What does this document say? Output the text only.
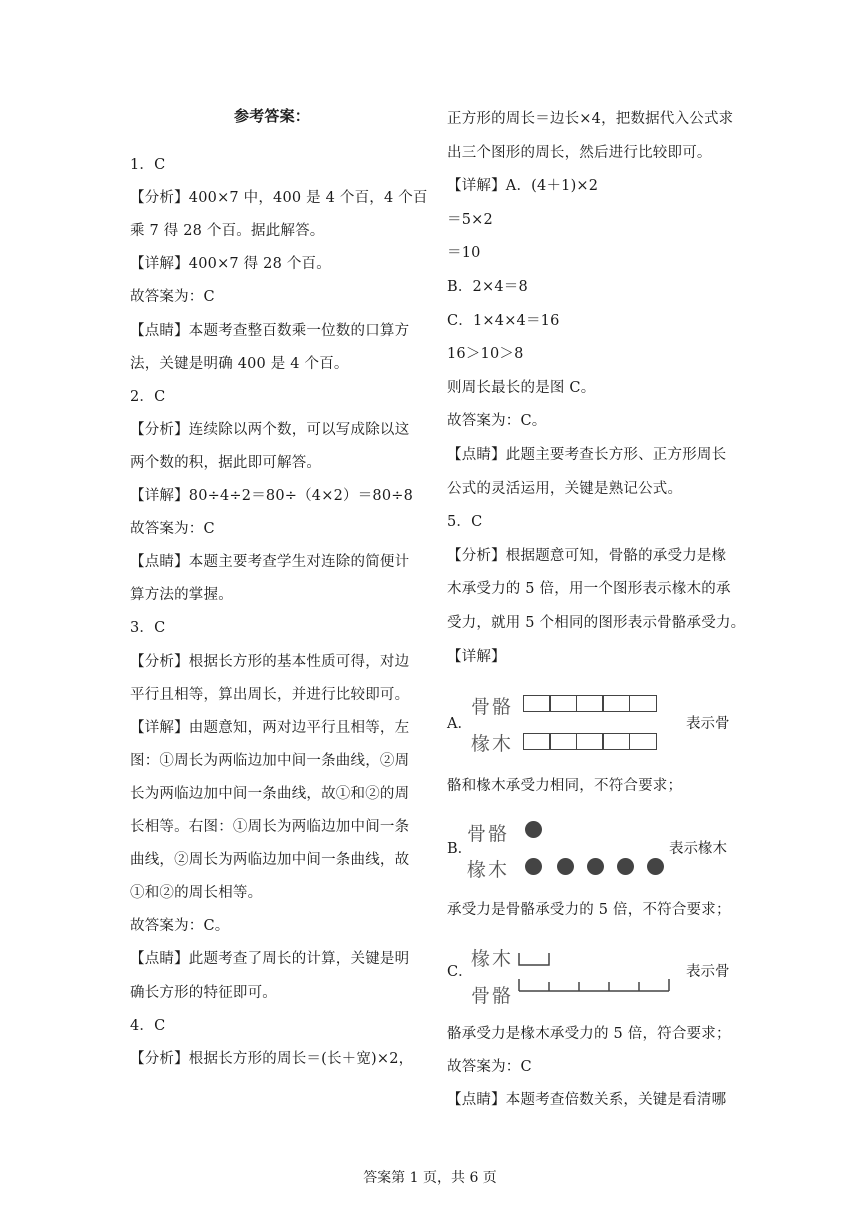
参考答案：
1．C
【分析】400×7 中，400 是 4 个百，4 个百
乘 7 得 28 个百。据此解答。
【详解】400×7 得 28 个百。
故答案为：C
【点睛】本题考查整百数乘一位数的口算方
法，关键是明确 400 是 4 个百。
2．C
【分析】连续除以两个数，可以写成除以这
两个数的积，据此即可解答。
【详解】80÷4÷2＝80÷（4×2）＝80÷8
故答案为：C
【点睛】本题主要考查学生对连除的简便计
算方法的掌握。
3．C
【分析】根据长方形的基本性质可得，对边
平行且相等，算出周长，并进行比较即可。
【详解】由题意知，两对边平行且相等，左
图：①周长为两临边加中间一条曲线，②周
长为两临边加中间一条曲线，故①和②的周
长相等。右图：①周长为两临边加中间一条
曲线，②周长为两临边加中间一条曲线，故
①和②的周长相等。
故答案为：C。
【点睛】此题考查了周长的计算，关键是明
确长方形的特征即可。
4．C
【分析】根据长方形的周长＝(长＋宽)×2，
正方形的周长＝边长×4，把数据代入公式求
出三个图形的周长，然后进行比较即可。
【详解】A．(4＋1)×2
＝5×2
＝10
B．2×4＝8
C．1×4×4＝16
16＞10＞8
则周长最长的是图 C。
故答案为：C。
【点睛】此题主要考查长方形、正方形周长
公式的灵活运用，关键是熟记公式。
5．C
【分析】根据题意可知，骨骼的承受力是椽
木承受力的 5 倍，用一个图形表示椽木的承
受力，就用 5 个相同的图形表示骨骼承受力。
【详解】
A．
骨骼
椽木
表示骨
骼和椽木承受力相同，不符合要求；
B．
骨骼
椽木
表示椽木
承受力是骨骼承受力的 5 倍，不符合要求；
C．
椽木
骨骼
表示骨
骼承受力是椽木承受力的 5 倍，符合要求；
故答案为：C
【点睛】本题考查倍数关系，关键是看清哪
答案第 1 页，共 6 页
